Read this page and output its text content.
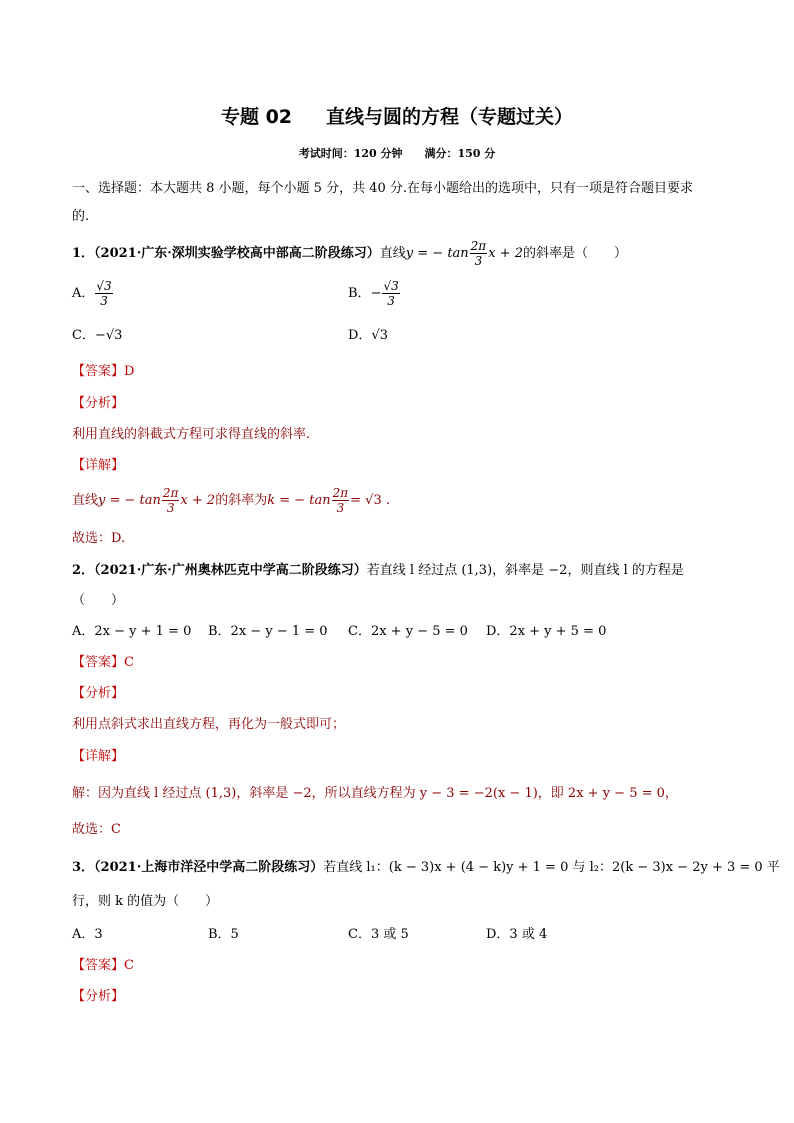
专题 02 直线与圆的方程（专题过关）
考试时间：120 分钟 满分：150 分
一、选择题：本大题共 8 小题，每个小题 5 分，共 40 分.在每小题给出的选项中，只有一项是符合题目要求
的.
1．（2021·广东·深圳实验学校高中部高二阶段练习） 直线 y = − $\tan \frac{2\pi}{3}$ x + 2 的斜率是（　　）
A． $\frac{√3}{3}$	B． − $\frac{√3}{3}$
C．−√3	D．√3
【答案】D
【分析】
利用直线的斜截式方程可求得直线的斜率.
【详解】
直线 y = − $\tan \frac{2\pi}{3}$ x + 2 的斜率为 k = − $\tan \frac{2\pi}{3} = √3$ .
故选：D.
2．（2021·广东·广州奥林匹克中学高二阶段练习）若直线 l 经过点 (1,3)，斜率是 −2，则直线 l 的方程是
（　　）
A．2x − y + 1 = 0 B．2x − y − 1 = 0 C．2x + y − 5 = 0 D．2x + y + 5 = 0
【答案】C
【分析】
利用点斜式求出直线方程，再化为一般式即可；
【详解】
解：因为直线 l 经过点 (1,3)，斜率是 −2，所以直线方程为 y − 3 = −2(x − 1)，即 2x + y − 5 = 0，
故选：C
3．（2021·上海市洋泾中学高二阶段练习）若直线 l₁：(k − 3)x + (4 − k)y + 1 = 0 与 l₂：2(k − 3)x − 2y + 3 = 0 平
行，则 k 的值为（　　）
A．3	B．5	C．3 或 5	D．3 或 4
【答案】C
【分析】
